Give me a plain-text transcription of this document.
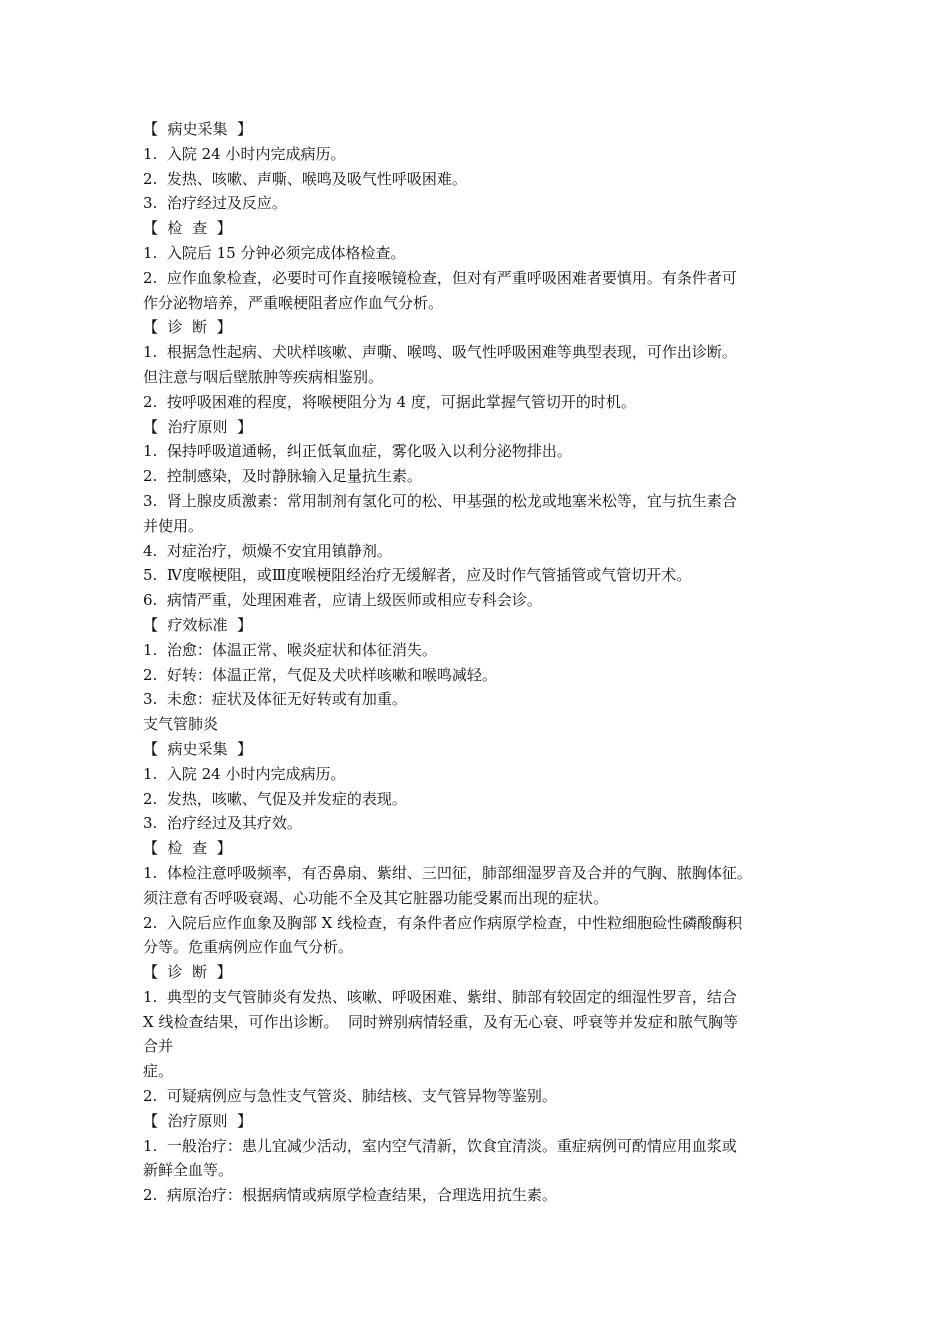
【  病史采集  】
1.  入院 24 小时内完成病历。
2.  发热、咳嗽、声嘶、喉鸣及吸气性呼吸困难。
3.  治疗经过及反应。
【  检  查  】
1.  入院后 15 分钟必须完成体格检查。
2.  应作血象检查，必要时可作直接喉镜检查，但对有严重呼吸困难者要慎用。有条件者可
作分泌物培养，严重喉梗阻者应作血气分析。
【  诊  断  】
1.  根据急性起病、犬吠样咳嗽、声嘶、喉鸣、吸气性呼吸困难等典型表现，可作出诊断。
但注意与咽后壁脓肿等疾病相鉴别。
2.  按呼吸困难的程度，将喉梗阻分为 4 度，可据此掌握气管切开的时机。
【  治疗原则  】
1.  保持呼吸道通畅，纠正低氧血症，雾化吸入以利分泌物排出。
2.  控制感染，及时静脉输入足量抗生素。
3.  肾上腺皮质激素：常用制剂有氢化可的松、甲基强的松龙或地塞米松等，宜与抗生素合
并使用。
4.  对症治疗，烦燥不安宜用镇静剂。
5.  Ⅳ度喉梗阻，或Ⅲ度喉梗阻经治疗无缓解者，应及时作气管插管或气管切开术。
6.  病情严重，处理困难者，应请上级医师或相应专科会诊。
【  疗效标准  】
1.  治愈：体温正常、喉炎症状和体征消失。
2.  好转：体温正常，气促及犬吠样咳嗽和喉鸣减轻。
3.  未愈：症状及体征无好转或有加重。
支气管肺炎
【  病史采集  】
1.  入院 24 小时内完成病历。
2.  发热，咳嗽、气促及并发症的表现。
3.  治疗经过及其疗效。
【  检  查  】
1.  体检注意呼吸频率，有否鼻扇、紫绀、三凹征，肺部细湿罗音及合并的气胸、脓胸体征。
须注意有否呼吸衰竭、心功能不全及其它脏器功能受累而出现的症状。
2.  入院后应作血象及胸部 X 线检查，有条件者应作病原学检查，中性粒细胞硷性磷酸酶积
分等。危重病例应作血气分析。
【  诊  断  】
1.  典型的支气管肺炎有发热、咳嗽、呼吸困难、紫绀、肺部有较固定的细湿性罗音，结合
X 线检查结果，可作出诊断。  同时辨别病情轻重，及有无心衰、呼衰等并发症和脓气胸等
合并
症。
2.  可疑病例应与急性支气管炎、肺结核、支气管异物等鉴别。
【  治疗原则  】
1.  一般治疗：患儿宜减少活动，室内空气清新，饮食宜清淡。重症病例可酌情应用血浆或
新鲜全血等。
2.  病原治疗：根据病情或病原学检查结果，合理选用抗生素。
